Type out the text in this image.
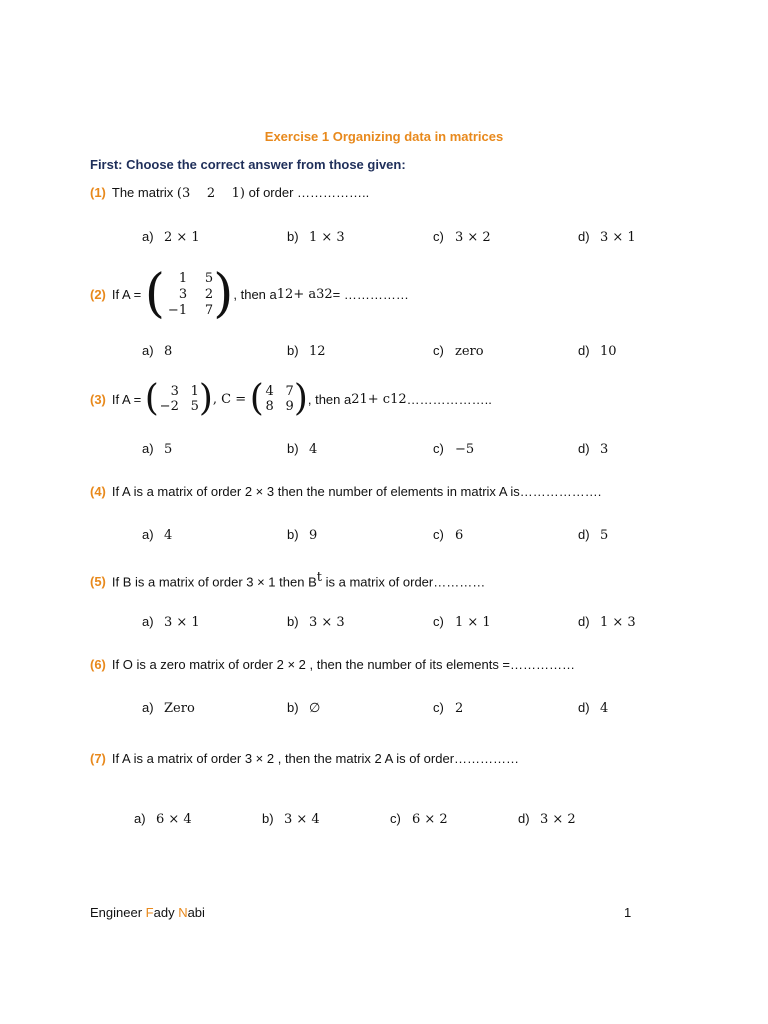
Exercise 1 Organizing data in matrices
First: Choose the correct answer from those given:
(1) The matrix (3 2 1) of order ……………..
a) 2 × 1	b) 1 × 3	c) 3 × 2	d) 3 × 1
(2) If A =
(	1	5
3	2
−1	7 ) , then a 12 + a 32 = ……………
a) 8	b) 12	c) zero	d) 10
(3) If A =
( 3 1
−2 5 ) , C =
( 4 7
8 9 ) , then a 21 + c 12 ………………..
a) 5	b) 4	c) −5	d) 3
(4) If A is a matrix of order 2 × 3 then the number of elements in matrix A is……………….
a) 4	b) 9	c) 6	d) 5
(5) If B is a matrix of order 3 × 1 then $B^t$ is a matrix of order…………
a) 3 × 1	b) 3 × 3	c) 1 × 1	d) 1 × 3
(6) If O is a zero matrix of order 2 × 2 , then the number of its elements =……………
a) Zero	b) ∅	c) 2	d) 4
(7) If A is a matrix of order 3 × 2 , then the matrix 2 A is of order……………
a) 6 × 4	b) 3 × 4	c) 6 × 2	d) 3 × 2
Engineer Fady Nabi	1
